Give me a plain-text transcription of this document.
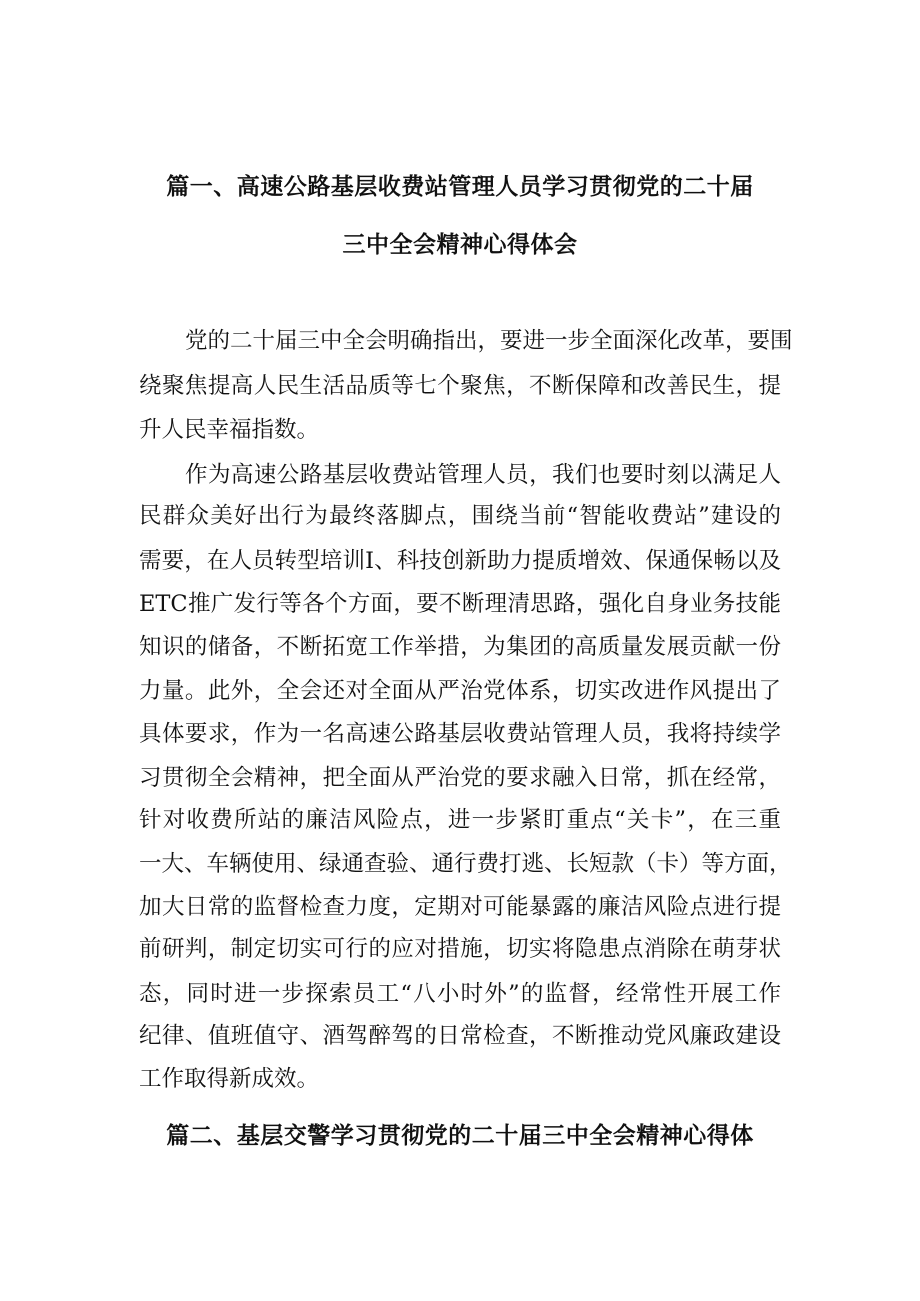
篇一、高速公路基层收费站管理人员学习贯彻党的二十届
三中全会精神心得体会
党的二十届三中全会明确指出，要进一步全面深化改革，要围
绕聚焦提高人民生活品质等七个聚焦，不断保障和改善民生，提
升人民幸福指数。
作为高速公路基层收费站管理人员，我们也要时刻以满足人
民群众美好出行为最终落脚点，围绕当前“智能收费站”建设的
需要，在人员转型培训Ⅰ、科技创新助力提质增效、保通保畅以及
ETC推广发行等各个方面，要不断理清思路，强化自身业务技能
知识的储备，不断拓宽工作举措，为集团的高质量发展贡献一份
力量。此外，全会还对全面从严治党体系，切实改进作风提出了
具体要求，作为一名高速公路基层收费站管理人员，我将持续学
习贯彻全会精神，把全面从严治党的要求融入日常，抓在经常，
针对收费所站的廉洁风险点，进一步紧盯重点“关卡”，在三重
一大、车辆使用、绿通查验、通行费打逃、长短款（卡）等方面，
加大日常的监督检查力度，定期对可能暴露的廉洁风险点进行提
前研判，制定切实可行的应对措施，切实将隐患点消除在萌芽状
态，同时进一步探索员工“八小时外”的监督，经常性开展工作
纪律、值班值守、酒驾醉驾的日常检查，不断推动党风廉政建设
工作取得新成效。
篇二、基层交警学习贯彻党的二十届三中全会精神心得体
